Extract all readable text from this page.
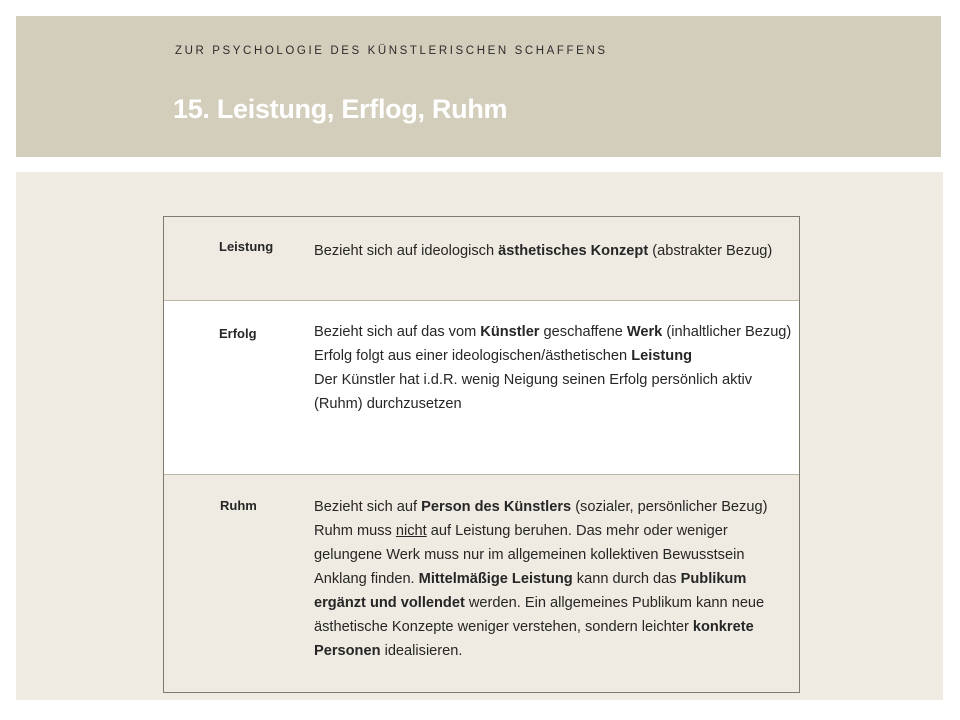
ZUR PSYCHOLOGIE DES KÜNSTLERISCHEN SCHAFFENS
15. Leistung, Erflog, Ruhm
Leistung	Bezieht sich auf ideologisch ästhetisches Konzept (abstrakter Bezug)
Erfolg	Bezieht sich auf das vom Künstler geschaffene Werk (inhaltlicher Bezug)
Erfolg folgt aus einer ideologischen/ästhetischen Leistung
Der Künstler hat i.d.R. wenig Neigung seinen Erfolg persönlich aktiv (Ruhm) durchzusetzen
Ruhm	Bezieht sich auf Person des Künstlers (sozialer, persönlicher Bezug) Ruhm muss nicht auf Leistung beruhen. Das mehr oder weniger gelungene Werk muss nur im allgemeinen kollektiven Bewusstsein Anklang finden. Mittelmäßige Leistung kann durch das Publikum ergänzt und vollendet werden. Ein allgemeines Publikum kann neue ästhetische Konzepte weniger verstehen, sondern leichter konkrete Personen idealisieren.
